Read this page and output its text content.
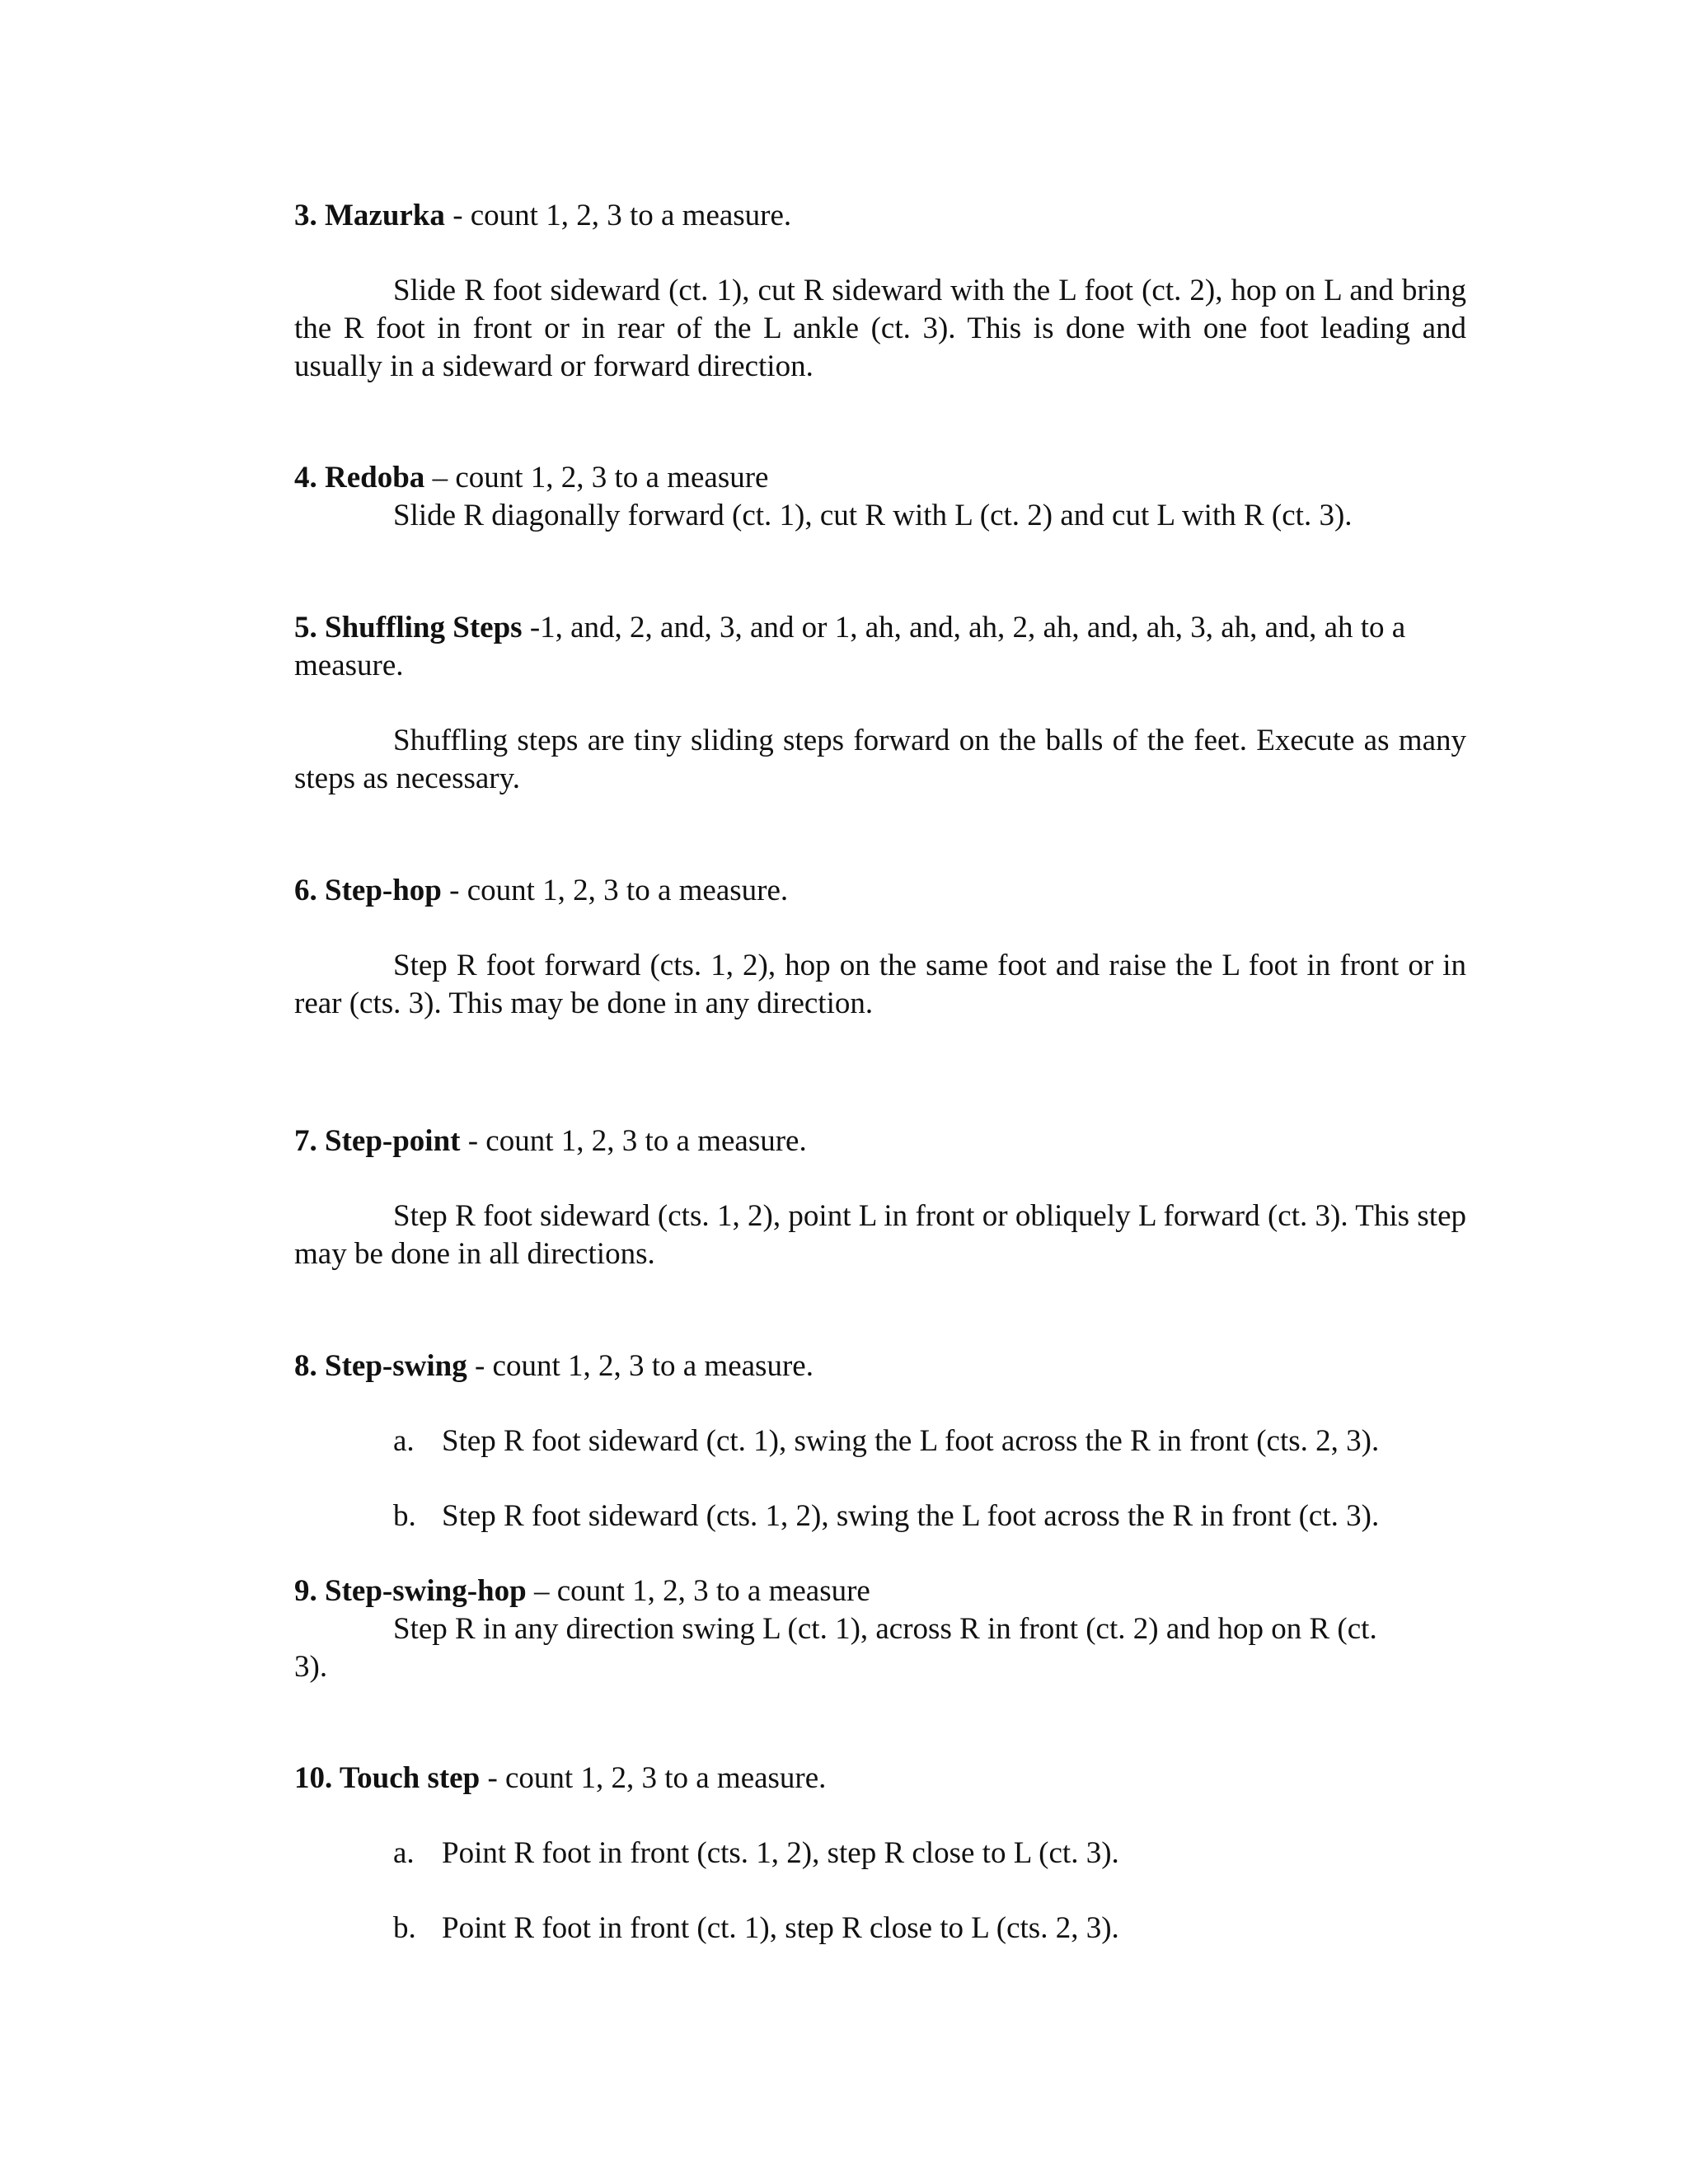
3. Mazurka - count 1, 2, 3 to a measure.

Slide R foot sideward (ct. 1), cut R sideward with the L foot (ct. 2), hop on L and bring the R foot in front or in rear of the L ankle (ct. 3). This is done with one foot leading and usually in a sideward or forward direction.

4. Redoba – count 1, 2, 3 to a measure

Slide R diagonally forward (ct. 1), cut R with L (ct. 2) and cut L with R (ct. 3).

5. Shuffling Steps -1, and, 2, and, 3, and or 1, ah, and, ah, 2, ah, and, ah, 3, ah, and, ah to a measure.

Shuffling steps are tiny sliding steps forward on the balls of the feet. Execute as many steps as necessary.

6. Step-hop - count 1, 2, 3 to a measure.

Step R foot forward (cts. 1, 2), hop on the same foot and raise the L foot in front or in rear (cts. 3). This may be done in any direction.

7. Step-point - count 1, 2, 3 to a measure.

Step R foot sideward (cts. 1, 2), point L in front or obliquely L forward (ct. 3). This step may be done in all directions.

8. Step-swing - count 1, 2, 3 to a measure.

a. Step R foot sideward (ct. 1), swing the L foot across the R in front (cts. 2, 3).

b. Step R foot sideward (cts. 1, 2), swing the L foot across the R in front (ct. 3).

9. Step-swing-hop – count 1, 2, 3 to a measure

Step R in any direction swing L (ct. 1), across R in front (ct. 2) and hop on R (ct.
3).

10. Touch step - count 1, 2, 3 to a measure.

a. Point R foot in front (cts. 1, 2), step R close to L (ct. 3).

b. Point R foot in front (ct. 1), step R close to L (cts. 2, 3).
